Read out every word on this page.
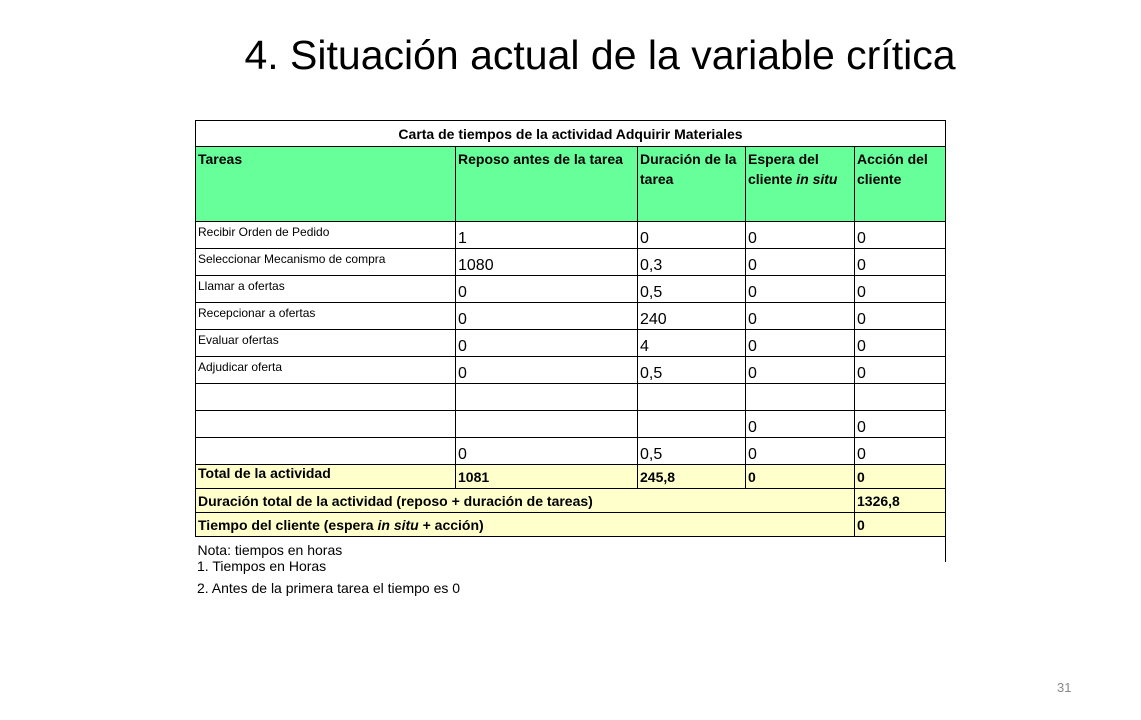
4. Situación actual de la variable crítica
Carta de tiempos de la actividad Adquirir Materiales				
Tareas	Reposo antes de la tarea	Duración de la tarea	Espera del cliente in situ	Acción del cliente
Recibir Orden de Pedido	1	0	0	0
Seleccionar Mecanismo de compra	1080	0,3	0	0
Llamar a ofertas	0	0,5	0	0
Recepcionar a ofertas	0	240	0	0
Evaluar ofertas	0	4	0	0
Adjudicar oferta	0	0,5	0	0

			0	0
	0	0,5	0	0
Total de la actividad	1081	245,8	0	0
Duración total de la actividad (reposo + duración de tareas)				1326,8
Tiempo del cliente (espera in situ + acción)				0
Nota: tiempos en horas				
1. Tiempos en Horas
2. Antes de la primera tarea el tiempo es 0
31
